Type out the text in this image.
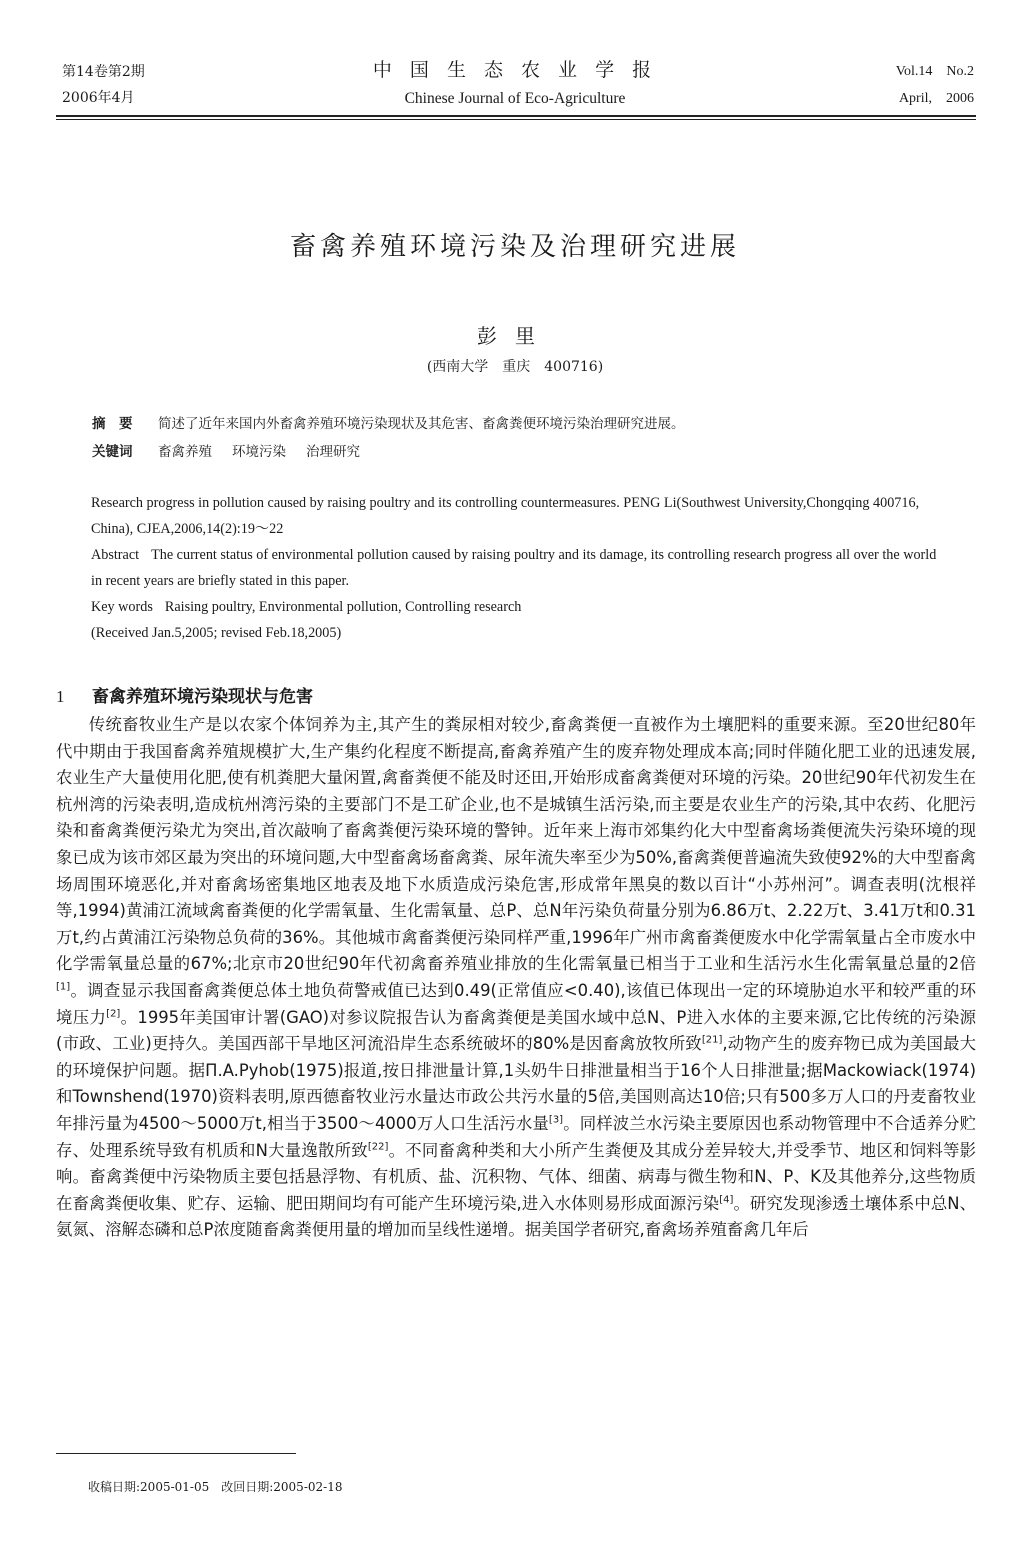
第14卷第2期
2006年4月
中 国 生 态 农 业 学 报
Chinese Journal of Eco-Agriculture
Vol.14　No.2
April,　2006
畜禽养殖环境污染及治理研究进展
彭里
(西南大学　重庆　400716)
摘　要 简述了近年来国内外畜禽养殖环境污染现状及其危害、畜禽粪便环境污染治理研究进展。
关键词 畜禽养殖 环境污染 治理研究

Research progress in pollution caused by raising poultry and its controlling countermeasures. PENG Li(Southwest University,Chongqing 400716, China), CJEA,2006,14(2):19～22

Abstract The current status of environmental pollution caused by raising poultry and its damage, its controlling research progress all over the world in recent years are briefly stated in this paper.

Key words Raising poultry, Environmental pollution, Controlling research

(Received Jan.5,2005; revised Feb.18,2005)

1 畜禽养殖环境污染现状与危害
传统畜牧业生产是以农家个体饲养为主,其产生的粪尿相对较少,畜禽粪便一直被作为土壤肥料的重要来源。至20世纪80年代中期由于我国畜禽养殖规模扩大,生产集约化程度不断提高,畜禽养殖产生的废弃物处理成本高;同时伴随化肥工业的迅速发展,农业生产大量使用化肥,使有机粪肥大量闲置,禽畜粪便不能及时还田,开始形成畜禽粪便对环境的污染。20世纪90年代初发生在杭州湾的污染表明,造成杭州湾污染的主要部门不是工矿企业,也不是城镇生活污染,而主要是农业生产的污染,其中农药、化肥污染和畜禽粪便污染尤为突出,首次敲响了畜禽粪便污染环境的警钟。近年来上海市郊集约化大中型畜禽场粪便流失污染环境的现象已成为该市郊区最为突出的环境问题,大中型畜禽场畜禽粪、尿年流失率至少为50%,畜禽粪便普遍流失致使92%的大中型畜禽场周围环境恶化,并对畜禽场密集地区地表及地下水质造成污染危害,形成常年黑臭的数以百计“小苏州河”。调查表明(沈根祥等,1994)黄浦江流域禽畜粪便的化学需氧量、生化需氧量、总P、总N年污染负荷量分别为6.86万t、2.22万t、3.41万t和0.31万t,约占黄浦江污染物总负荷的36%。其他城市禽畜粪便污染同样严重,1996年广州市禽畜粪便废水中化学需氧量占全市废水中化学需氧量总量的67%;北京市20世纪90年代初禽畜养殖业排放的生化需氧量已相当于工业和生活污水生化需氧量总量的2倍[1]。调查显示我国畜禽粪便总体土地负荷警戒值已达到0.49(正常值应<0.40),该值已体现出一定的环境胁迫水平和较严重的环境压力[2]。1995年美国审计署(GAO)对参议院报告认为畜禽粪便是美国水域中总N、P进入水体的主要来源,它比传统的污染源(市政、工业)更持久。美国西部干旱地区河流沿岸生态系统破坏的80%是因畜禽放牧所致[21],动物产生的废弃物已成为美国最大的环境保护问题。据Π.A.Pyhob(1975)报道,按日排泄量计算,1头奶牛日排泄量相当于16个人日排泄量;据Mackowiack(1974)和Townshend(1970)资料表明,原西德畜牧业污水量达市政公共污水量的5倍,美国则高达10倍;只有500多万人口的丹麦畜牧业年排污量为4500～5000万t,相当于3500～4000万人口生活污水量[3]。同样波兰水污染主要原因也系动物管理中不合适养分贮存、处理系统导致有机质和N大量逸散所致[22]。不同畜禽种类和大小所产生粪便及其成分差异较大,并受季节、地区和饲料等影响。畜禽粪便中污染物质主要包括悬浮物、有机质、盐、沉积物、气体、细菌、病毒与微生物和N、P、K及其他养分,这些物质在畜禽粪便收集、贮存、运输、肥田期间均有可能产生环境污染,进入水体则易形成面源污染[4]。研究发现渗透土壤体系中总N、氨氮、溶解态磷和总P浓度随畜禽粪便用量的增加而呈线性递增。据美国学者研究,畜禽场养殖畜禽几年后
收稿日期:2005-01-05　改回日期:2005-02-18
